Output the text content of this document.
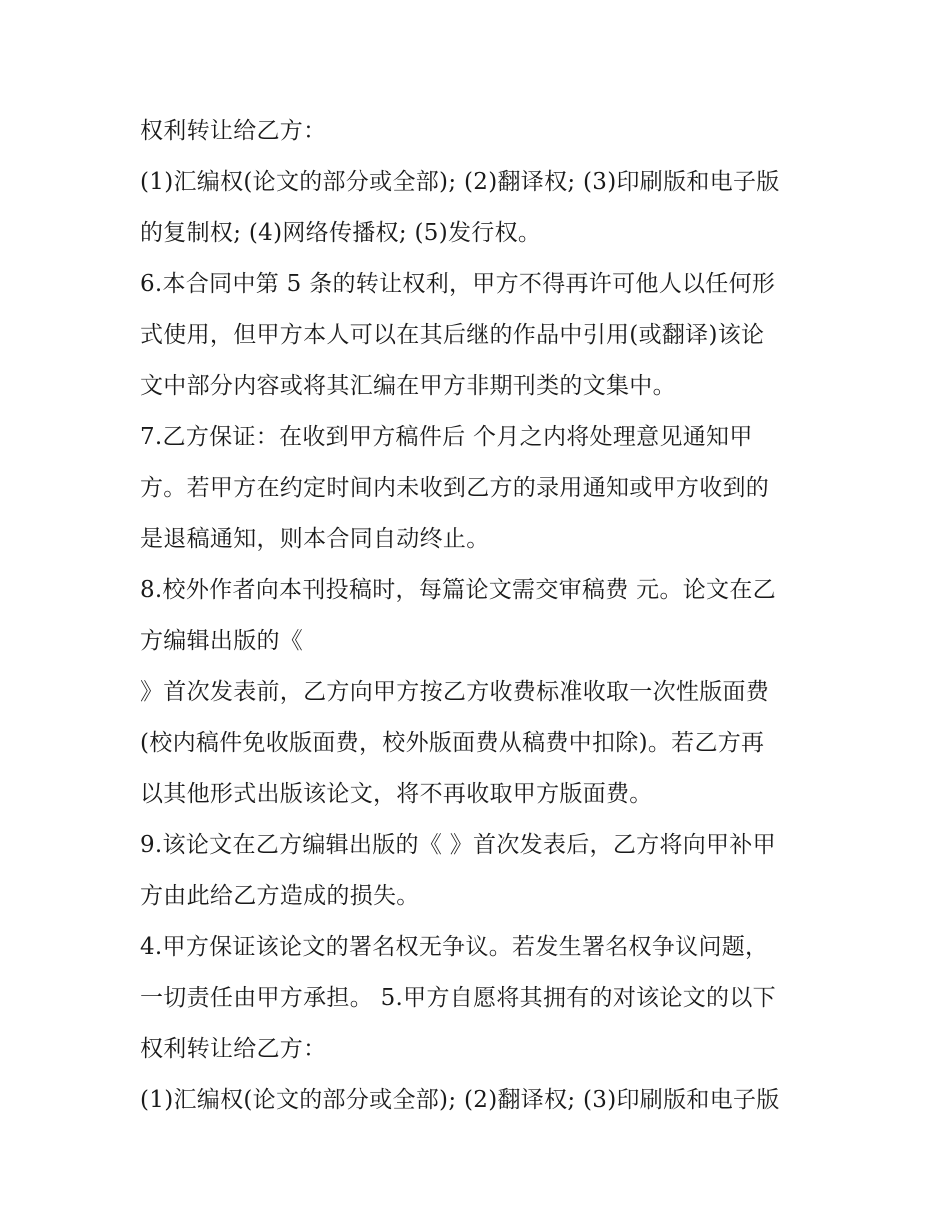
权利转让给乙方：
(1)汇编权(论文的部分或全部); (2)翻译权; (3)印刷版和电子版
的复制权; (4)网络传播权; (5)发行权。
6.本合同中第 5 条的转让权利，甲方不得再许可他人以任何形
式使用，但甲方本人可以在其后继的作品中引用(或翻译)该论
文中部分内容或将其汇编在甲方非期刊类的文集中。
7.乙方保证：在收到甲方稿件后 个月之内将处理意见通知甲
方。若甲方在约定时间内未收到乙方的录用通知或甲方收到的
是退稿通知，则本合同自动终止。
8.校外作者向本刊投稿时，每篇论文需交审稿费 元。论文在乙
方编辑出版的《
》首次发表前，乙方向甲方按乙方收费标准收取一次性版面费
(校内稿件免收版面费，校外版面费从稿费中扣除)。若乙方再
以其他形式出版该论文，将不再收取甲方版面费。
9.该论文在乙方编辑出版的《 》首次发表后，乙方将向甲补甲
方由此给乙方造成的损失。
4.甲方保证该论文的署名权无争议。若发生署名权争议问题，
一切责任由甲方承担。 5.甲方自愿将其拥有的对该论文的以下
权利转让给乙方：
(1)汇编权(论文的部分或全部); (2)翻译权; (3)印刷版和电子版
